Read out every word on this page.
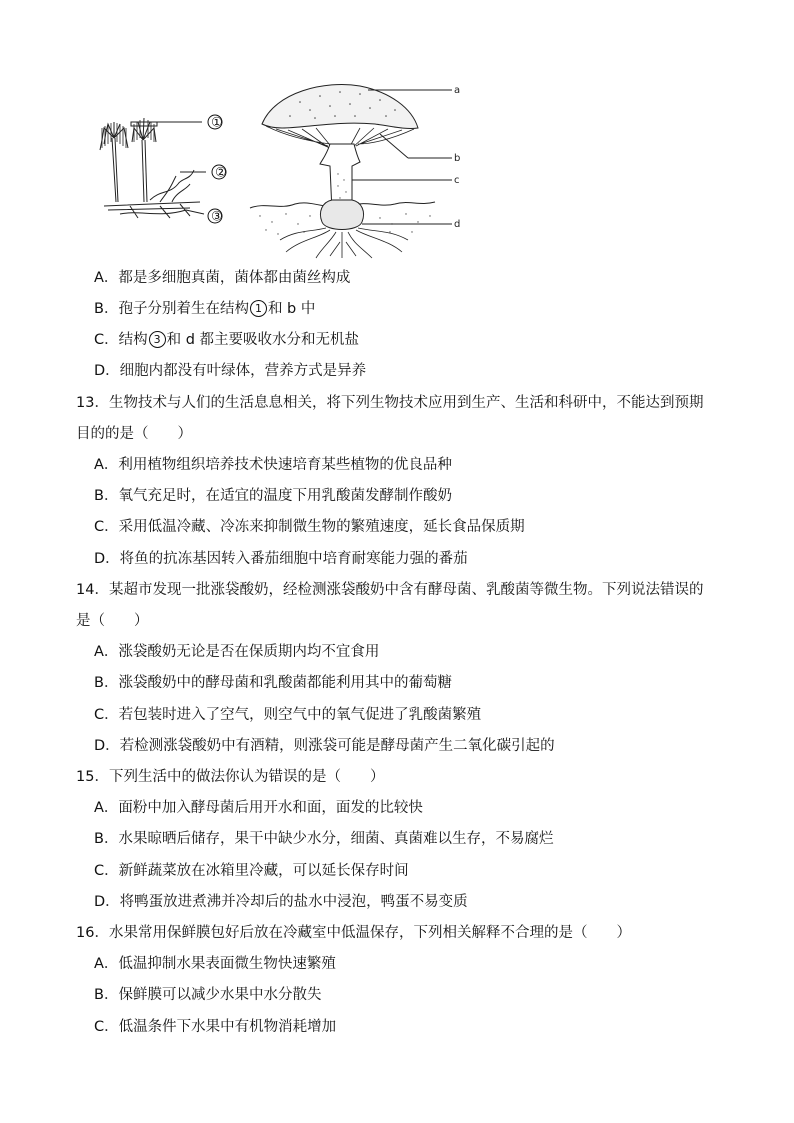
①
②
③
a
b
c
d
A．都是多细胞真菌，菌体都由菌丝构成
B．孢子分别着生在结构 1 和 b 中
C．结构 3 和 d 都主要吸收水分和无机盐
D．细胞内都没有叶绿体，营养方式是异养
13．生物技术与人们的生活息息相关，将下列生物技术应用到生产、生活和科研中，不能达到预期
目的的是（　　）
A．利用植物组织培养技术快速培育某些植物的优良品种
B．氧气充足时，在适宜的温度下用乳酸菌发酵制作酸奶
C．采用低温冷藏、冷冻来抑制微生物的繁殖速度，延长食品保质期
D．将鱼的抗冻基因转入番茄细胞中培育耐寒能力强的番茄
14．某超市发现一批涨袋酸奶，经检测涨袋酸奶中含有酵母菌、乳酸菌等微生物。下列说法错误的
是（　　）
A．涨袋酸奶无论是否在保质期内均不宜食用
B．涨袋酸奶中的酵母菌和乳酸菌都能利用其中的葡萄糖
C．若包装时进入了空气，则空气中的氧气促进了乳酸菌繁殖
D．若检测涨袋酸奶中有酒精，则涨袋可能是酵母菌产生二氧化碳引起的
15．下列生活中的做法你认为错误的是（　　）
A．面粉中加入酵母菌后用开水和面，面发的比较快
B．水果晾晒后储存，果干中缺少水分，细菌、真菌难以生存，不易腐烂
C．新鲜蔬菜放在冰箱里冷藏，可以延长保存时间
D．将鸭蛋放进煮沸并冷却后的盐水中浸泡，鸭蛋不易变质
16．水果常用保鲜膜包好后放在冷藏室中低温保存，下列相关解释不合理的是（　　）
A．低温抑制水果表面微生物快速繁殖
B．保鲜膜可以减少水果中水分散失
C．低温条件下水果中有机物消耗增加
